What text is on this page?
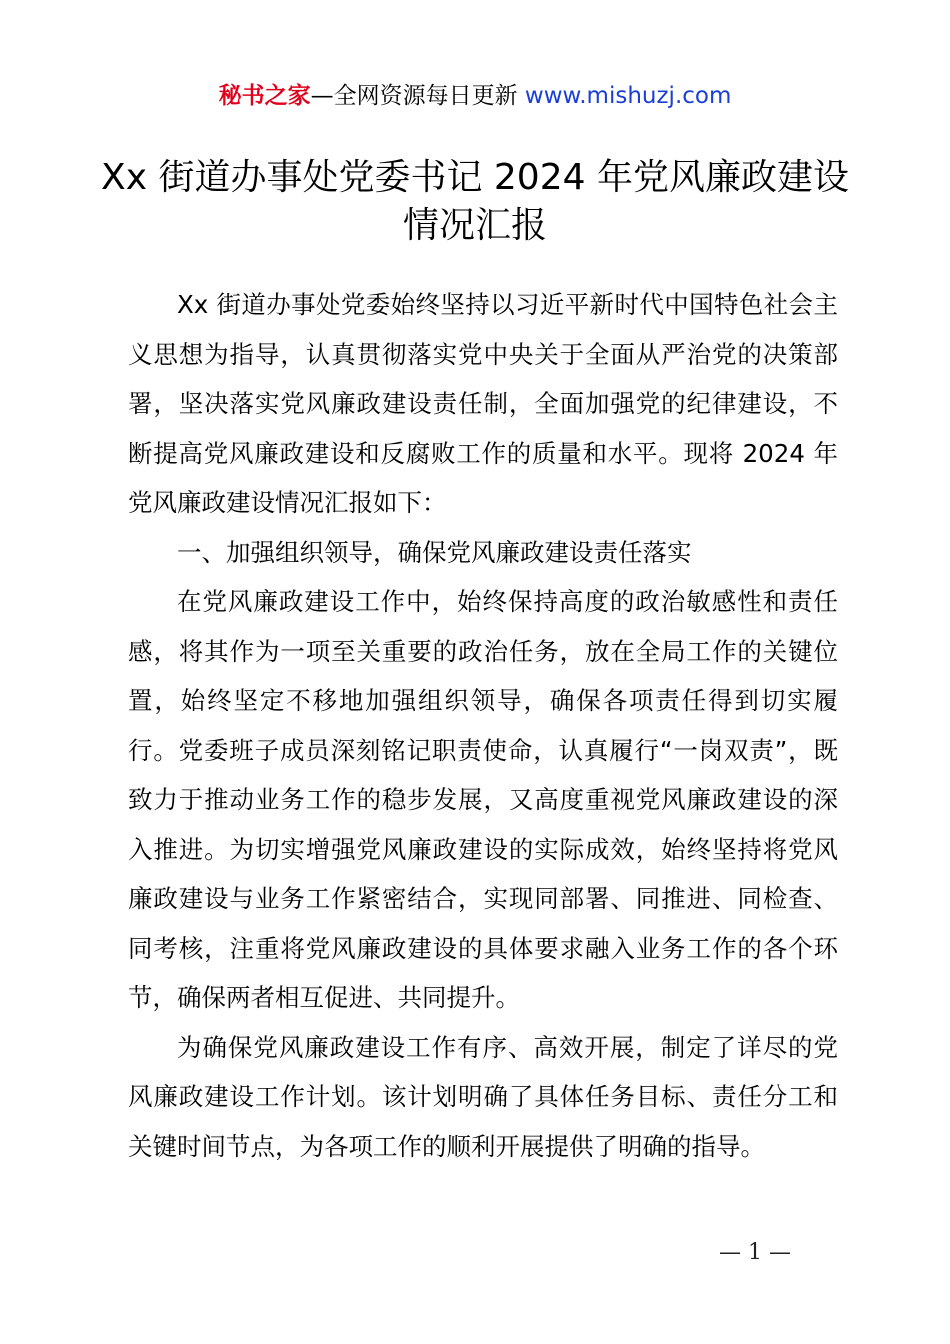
秘书之家—全网资源每日更新 www.mishuzj.com
Xx 街道办事处党委书记 2024 年党风廉政建设情况汇报

Xx 街道办事处党委始终坚持以习近平新时代中国特色社会主义思想为指导，认真贯彻落实党中央关于全面从严治党的决策部署，坚决落实党风廉政建设责任制，全面加强党的纪律建设，不断提高党风廉政建设和反腐败工作的质量和水平。现将 2024 年党风廉政建设情况汇报如下：

一、加强组织领导，确保党风廉政建设责任落实

在党风廉政建设工作中，始终保持高度的政治敏感性和责任感，将其作为一项至关重要的政治任务，放在全局工作的关键位置，始终坚定不移地加强组织领导，确保各项责任得到切实履行。党委班子成员深刻铭记职责使命，认真履行“一岗双责”，既致力于推动业务工作的稳步发展，又高度重视党风廉政建设的深入推进。为切实增强党风廉政建设的实际成效，始终坚持将党风廉政建设与业务工作紧密结合，实现同部署、同推进、同检查、同考核，注重将党风廉政建设的具体要求融入业务工作的各个环节，确保两者相互促进、共同提升。

为确保党风廉政建设工作有序、高效开展，制定了详尽的党风廉政建设工作计划。该计划明确了具体任务目标、责任分工和关键时间节点，为各项工作的顺利开展提供了明确的指导。

— 1 —
